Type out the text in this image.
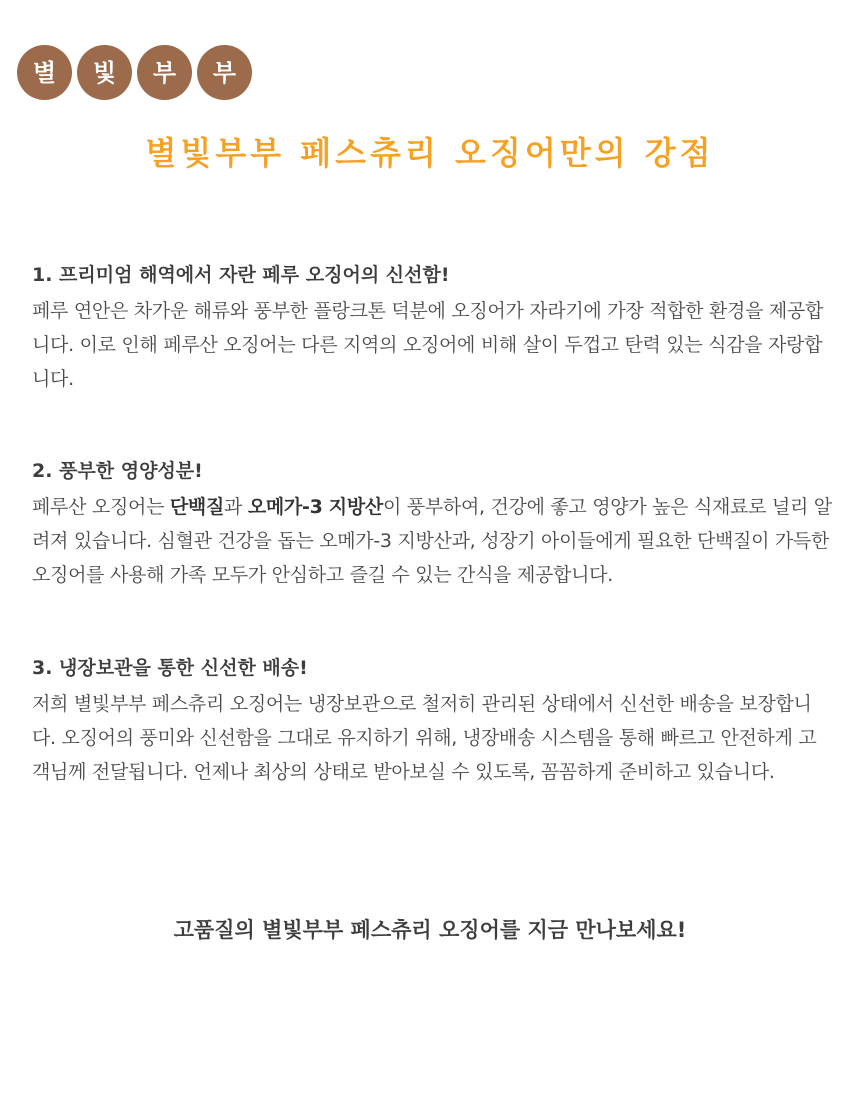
별	빛	부	부
별빛부부 페스츄리 오징어만의 강점
1. 프리미엄 해역에서 자란 페루 오징어의 신선함!

페루 연안은 차가운 해류와 풍부한 플랑크톤 덕분에 오징어가 자라기에 가장 적합한 환경을 제공합니다. 이로 인해 페루산 오징어는 다른 지역의 오징어에 비해 살이 두껍고 탄력 있는 식감을 자랑합니다.

2. 풍부한 영양성분!

페루산 오징어는 단백질과 오메가-3 지방산이 풍부하여, 건강에 좋고 영양가 높은 식재료로 널리 알려져 있습니다. 심혈관 건강을 돕는 오메가-3 지방산과, 성장기 아이들에게 필요한 단백질이 가득한 오징어를 사용해 가족 모두가 안심하고 즐길 수 있는 간식을 제공합니다.

3. 냉장보관을 통한 신선한 배송!

저희 별빛부부 페스츄리 오징어는 냉장보관으로 철저히 관리된 상태에서 신선한 배송을 보장합니다. 오징어의 풍미와 신선함을 그대로 유지하기 위해, 냉장배송 시스템을 통해 빠르고 안전하게 고객님께 전달됩니다. 언제나 최상의 상태로 받아보실 수 있도록, 꼼꼼하게 준비하고 있습니다.

고품질의 별빛부부 페스츄리 오징어를 지금 만나보세요!
